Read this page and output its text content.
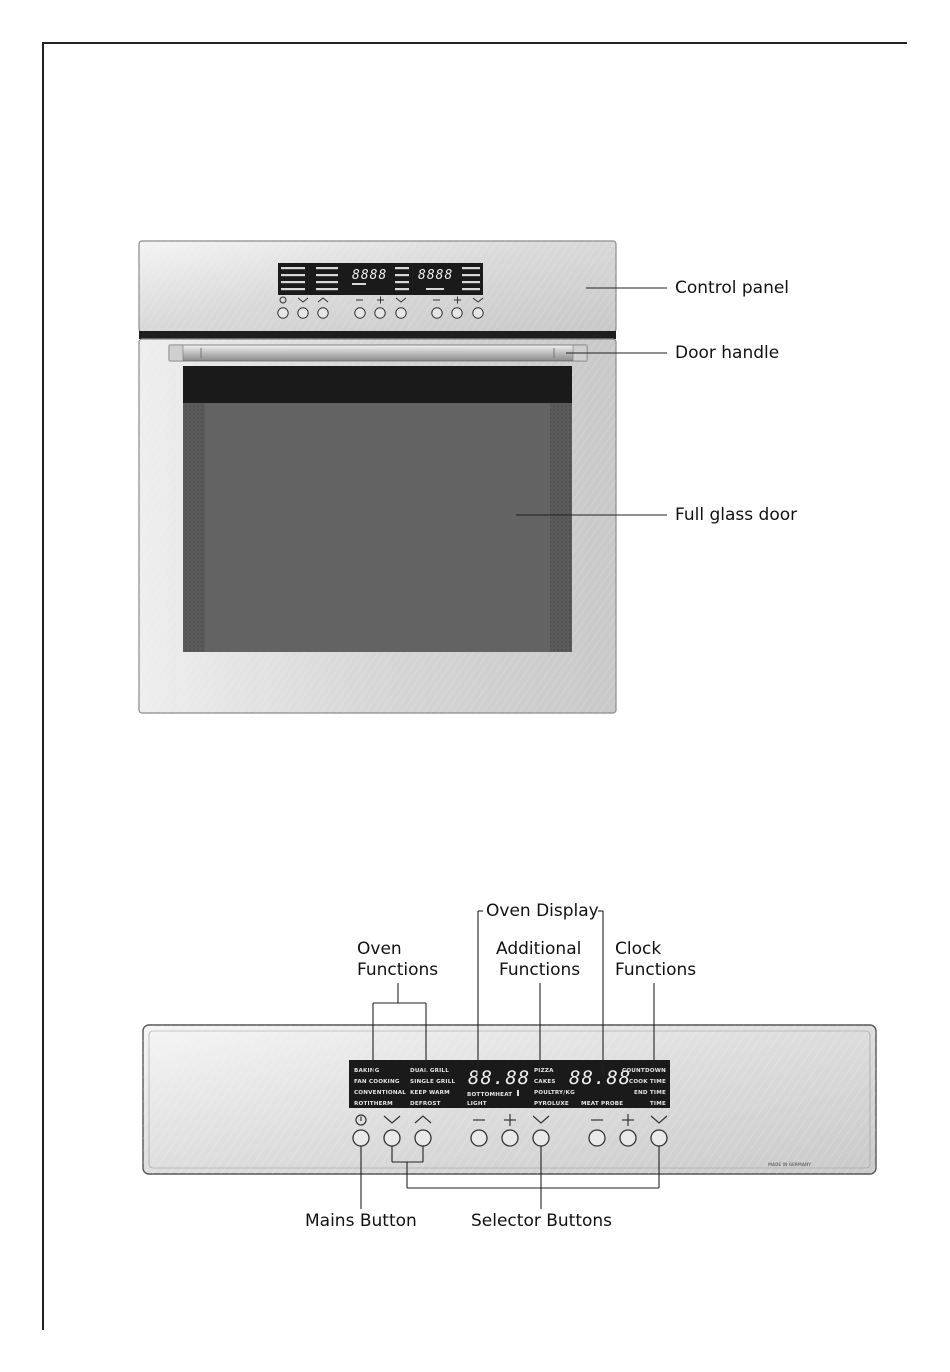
8888 8888
Control panel
Door handle
Full glass door
BAKING
FAN COOKING
CONVENTIONAL
ROTITHERM
DUAL GRILL
SINGLE GRILL
KEEP WARM
DEFROST
88.88
BOTTOMHEAT
LIGHT
PIZZA
CAKES
POULTRY/KG
PYROLUXE
88.88
MEAT PROBE
COUNTDOWN
COOK TIME
END TIME
TIME
MADE IN GERMANY
Oven Display
Oven
Functions
Additional
Functions
Clock
Functions
Mains Button	Selector Buttons
